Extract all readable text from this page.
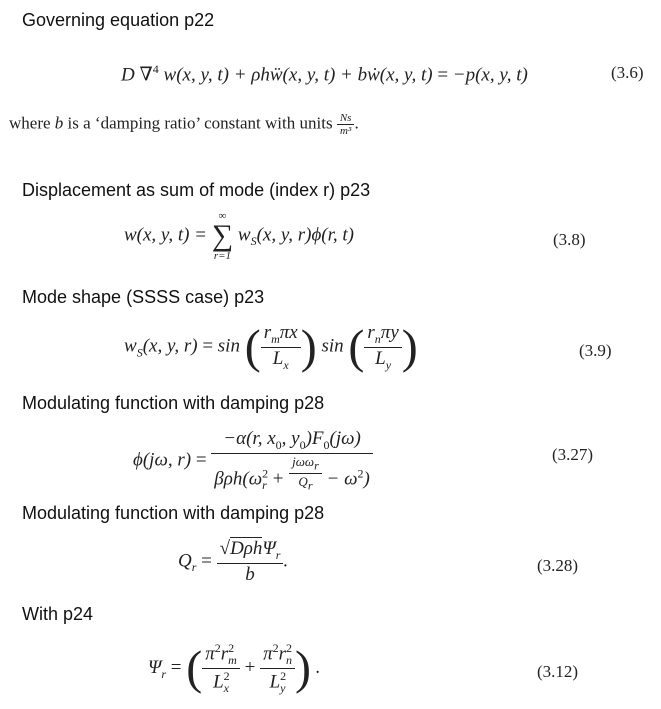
Governing equation p22
D ∇$^4$ w(x, y, t) + ρhẅ(x, y, t) + bẇ(x, y, t) = −p(x, y, t)	(3.6)
where b is a ‘damping ratio’ constant with units $\frac{Ns}{\text{m³}}$ .
Displacement as sum of mode (index r) p23
w(x, y, t) =
∞
∑
r=1
$w_S(x$, y, r)ϕ(r, t)	(3.8)
Mode shape (SSSS case) p23
$w_S(x$, y, r) = sin ( $\frac{r_m\pi x}{L_x}$ ) sin ( $\frac{r_n\pi y}{L_y}$ )	(3.9)
Modulating function with damping p28
ϕ(jω, $r) = \frac{-\alpha(r, x_0, y_0)F_0(j\omega)}{\beta\rho h(\omega^2_r + \frac{j\omega\omega_r}{Q_r} - \omega^2)}$	(3.27)
Modulating function with damping p28
$Q_r = \frac{√D\rho h\Psi_r}{b}$ .	(3.28)
With p24
$\Psi_r$ = ( $\frac{\pi^2r^2_m}{L^2_x} + \frac{\pi^2r^2_n}{L^2_y}$ ) .	(3.12)
